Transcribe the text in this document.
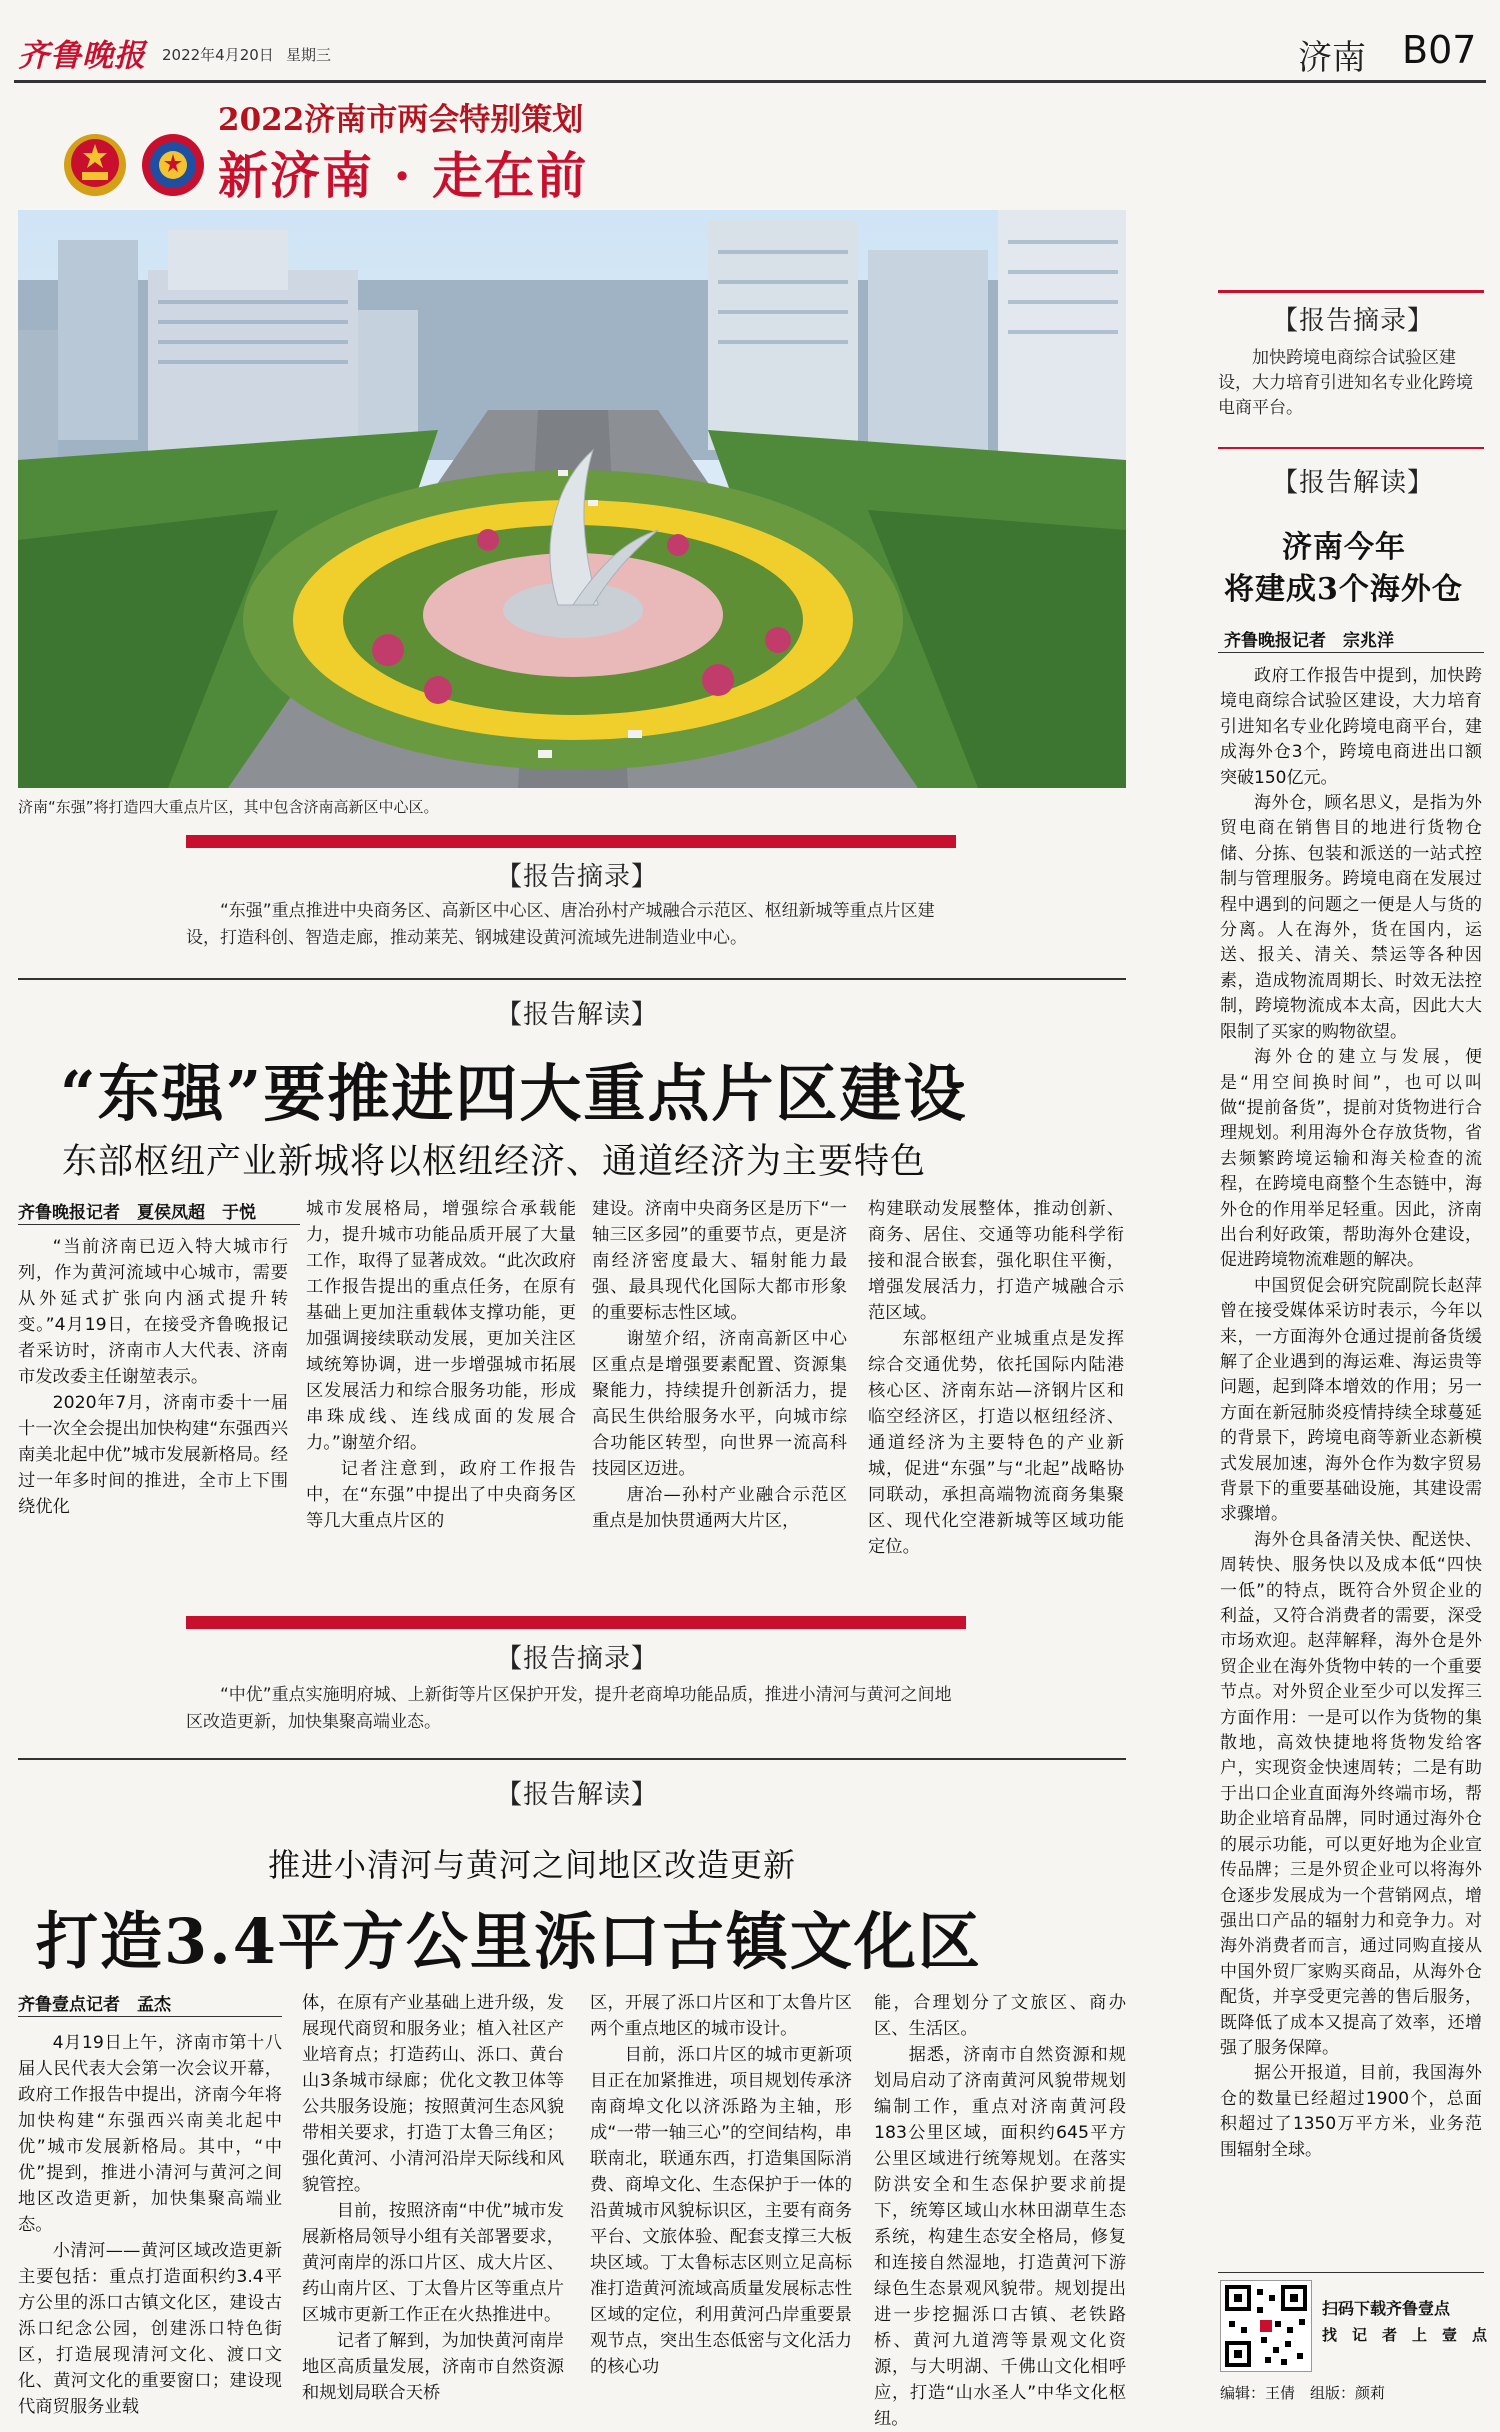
齐鲁晚报 2022年4月20日 星期三	济南 B07
2022济南市两会特别策划
新济南 · 走在前
济南“东强”将打造四大重点片区，其中包含济南高新区中心区。
【报告摘录】

“东强”重点推进中央商务区、高新区中心区、唐冶孙村产城融合示范区、枢纽新城等重点片区建设，打造科创、智造走廊，推动莱芜、钢城建设黄河流域先进制造业中心。

【报告解读】
“东强”要推进四大重点片区建设
东部枢纽产业新城将以枢纽经济、通道经济为主要特色
齐鲁晚报记者　夏侯凤超　于悦

“当前济南已迈入特大城市行列，作为黄河流域中心城市，需要从外延式扩张向内涵式提升转变。”4月19日，在接受齐鲁晚报记者采访时，济南市人大代表、济南市发改委主任谢堃表示。

2020年7月，济南市委十一届十一次全会提出加快构建“东强西兴南美北起中优”城市发展新格局。经过一年多时间的推进，全市上下围绕优化

城市发展格局，增强综合承载能力，提升城市功能品质开展了大量工作，取得了显著成效。“此次政府工作报告提出的重点任务，在原有基础上更加注重载体支撑功能，更加强调接续联动发展，更加关注区域统筹协调，进一步增强城市拓展区发展活力和综合服务功能，形成串珠成线、连线成面的发展合力。”谢堃介绍。

记者注意到，政府工作报告中，在“东强”中提出了中央商务区等几大重点片区的

建设。济南中央商务区是历下“一轴三区多园”的重要节点，更是济南经济密度最大、辐射能力最强、最具现代化国际大都市形象的重要标志性区域。

谢堃介绍，济南高新区中心区重点是增强要素配置、资源集聚能力，持续提升创新活力，提高民生供给服务水平，向城市综合功能区转型，向世界一流高科技园区迈进。

唐冶—孙村产业融合示范区重点是加快贯通两大片区，

构建联动发展整体，推动创新、商务、居住、交通等功能科学衔接和混合嵌套，强化职住平衡，增强发展活力，打造产城融合示范区域。

东部枢纽产业城重点是发挥综合交通优势，依托国际内陆港核心区、济南东站—济钢片区和临空经济区，打造以枢纽经济、通道经济为主要特色的产业新城，促进“东强”与“北起”战略协同联动，承担高端物流商务集聚区、现代化空港新城等区域功能定位。

【报告摘录】

“中优”重点实施明府城、上新街等片区保护开发，提升老商埠功能品质，推进小清河与黄河之间地区改造更新，加快集聚高端业态。

【报告解读】
推进小清河与黄河之间地区改造更新
打造3.4平方公里泺口古镇文化区
齐鲁壹点记者　孟杰

4月19日上午，济南市第十八届人民代表大会第一次会议开幕，政府工作报告中提出，济南今年将加快构建“东强西兴南美北起中优”城市发展新格局。其中，“中优”提到，推进小清河与黄河之间地区改造更新，加快集聚高端业态。

小清河——黄河区域改造更新主要包括：重点打造面积约3.4平方公里的泺口古镇文化区，建设古泺口纪念公园，创建泺口特色街区，打造展现清河文化、渡口文化、黄河文化的重要窗口；建设现代商贸服务业载

体，在原有产业基础上进升级，发展现代商贸和服务业；植入社区产业培育点；打造药山、泺口、黄台山3条城市绿廊；优化文教卫体等公共服务设施；按照黄河生态风貌带相关要求，打造丁太鲁三角区；强化黄河、小清河沿岸天际线和风貌管控。

目前，按照济南“中优”城市发展新格局领导小组有关部署要求，黄河南岸的泺口片区、成大片区、药山南片区、丁太鲁片区等重点片区城市更新工作正在火热推进中。

记者了解到，为加快黄河南岸地区高质量发展，济南市自然资源和规划局联合天桥

区，开展了泺口片区和丁太鲁片区两个重点地区的城市设计。

目前，泺口片区的城市更新项目正在加紧推进，项目规划传承济南商埠文化以济泺路为主轴，形成“一带一轴三心”的空间结构，串联南北，联通东西，打造集国际消费、商埠文化、生态保护于一体的沿黄城市风貌标识区，主要有商务平台、文旅体验、配套支撑三大板块区域。丁太鲁标志区则立足高标准打造黄河流域高质量发展标志性区域的定位，利用黄河凸岸重要景观节点，突出生态低密与文化活力的核心功

能，合理划分了文旅区、商办区、生活区。

据悉，济南市自然资源和规划局启动了济南黄河风貌带规划编制工作，重点对济南黄河段183公里区域，面积约645平方公里区域进行统筹规划。在落实防洪安全和生态保护要求前提下，统筹区域山水林田湖草生态系统，构建生态安全格局，修复和连接自然湿地，打造黄河下游绿色生态景观风貌带。规划提出进一步挖掘泺口古镇、老铁路桥、黄河九道湾等景观文化资源，与大明湖、千佛山文化相呼应，打造“山水圣人”中华文化枢纽。

【报告摘录】

加快跨境电商综合试验区建设，大力培育引进知名专业化跨境电商平台。

【报告解读】
济南今年
将建成3个海外仓
齐鲁晚报记者　宗兆洋

政府工作报告中提到，加快跨境电商综合试验区建设，大力培育引进知名专业化跨境电商平台，建成海外仓3个，跨境电商进出口额突破150亿元。

海外仓，顾名思义，是指为外贸电商在销售目的地进行货物仓储、分拣、包装和派送的一站式控制与管理服务。跨境电商在发展过程中遇到的问题之一便是人与货的分离。人在海外，货在国内，运送、报关、清关、禁运等各种因素，造成物流周期长、时效无法控制，跨境物流成本太高，因此大大限制了买家的购物欲望。

海外仓的建立与发展，便是“用空间换时间”，也可以叫做“提前备货”，提前对货物进行合理规划。利用海外仓存放货物，省去频繁跨境运输和海关检查的流程，在跨境电商整个生态链中，海外仓的作用举足轻重。因此，济南出台利好政策，帮助海外仓建设，促进跨境物流难题的解决。

中国贸促会研究院副院长赵萍曾在接受媒体采访时表示，今年以来，一方面海外仓通过提前备货缓解了企业遇到的海运难、海运贵等问题，起到降本增效的作用；另一方面在新冠肺炎疫情持续全球蔓延的背景下，跨境电商等新业态新模式发展加速，海外仓作为数字贸易背景下的重要基础设施，其建设需求骤增。

海外仓具备清关快、配送快、周转快、服务快以及成本低“四快一低”的特点，既符合外贸企业的利益，又符合消费者的需要，深受市场欢迎。赵萍解释，海外仓是外贸企业在海外货物中转的一个重要节点。对外贸企业至少可以发挥三方面作用：一是可以作为货物的集散地，高效快捷地将货物发给客户，实现资金快速周转；二是有助于出口企业直面海外终端市场，帮助企业培育品牌，同时通过海外仓的展示功能，可以更好地为企业宣传品牌；三是外贸企业可以将海外仓逐步发展成为一个营销网点，增强出口产品的辐射力和竞争力。对海外消费者而言，通过同购直接从中国外贸厂家购买商品，从海外仓配货，并享受更完善的售后服务，既降低了成本又提高了效率，还增强了服务保障。

据公开报道，目前，我国海外仓的数量已经超过1900个，总面积超过了1350万平方米，业务范围辐射全球。

扫码下载齐鲁壹点
找　记　者　上　壹　点
编辑：王倩　组版：颜莉
